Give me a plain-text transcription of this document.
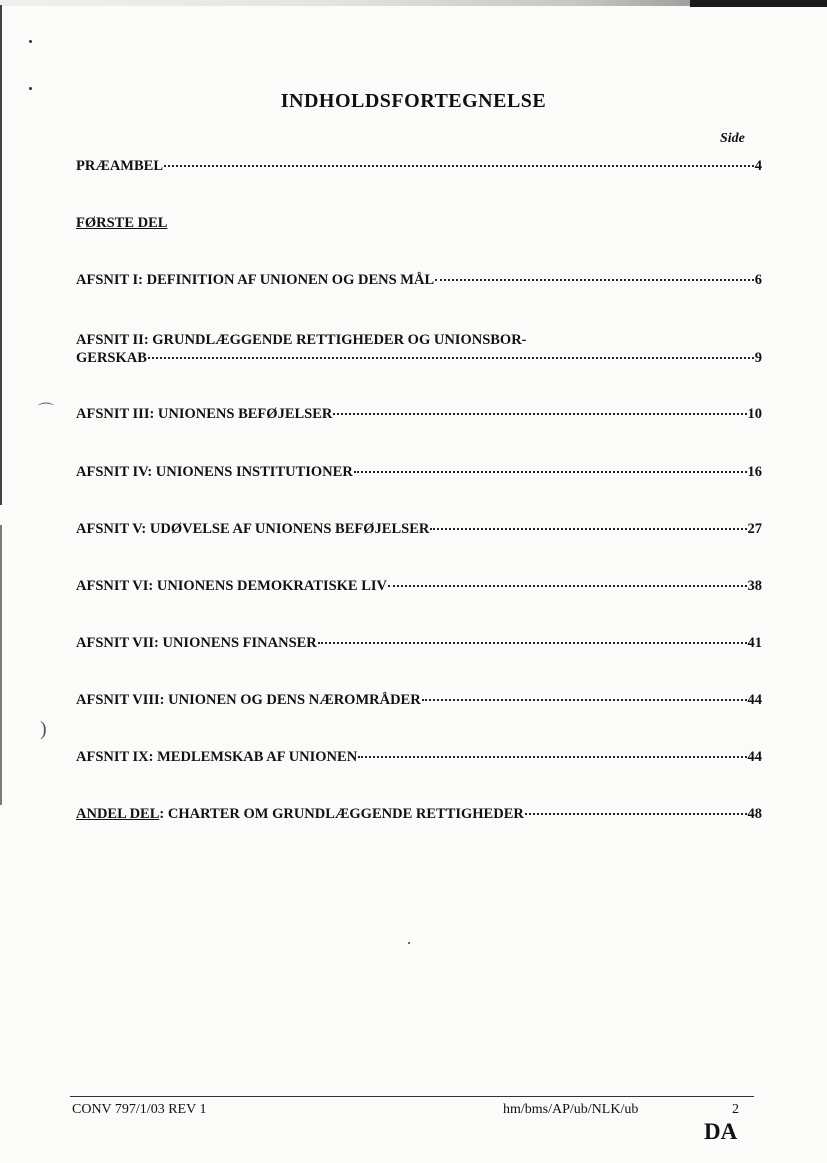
⌒
)
INDHOLDSFORTEGNELSE
Side
PRÆAMBEL	4
FØRSTE DEL
AFSNIT I: DEFINITION AF UNIONEN OG DENS MÅL	6
AFSNIT II: GRUNDLÆGGENDE RETTIGHEDER OG UNIONSBOR-
GERSKAB	9
AFSNIT III: UNIONENS BEFØJELSER	10
AFSNIT IV: UNIONENS INSTITUTIONER	16
AFSNIT V: UDØVELSE AF UNIONENS BEFØJELSER	27
AFSNIT VI: UNIONENS DEMOKRATISKE LIV	38
AFSNIT VII: UNIONENS FINANSER	41
AFSNIT VIII: UNIONEN OG DENS NÆROMRÅDER	44
AFSNIT IX: MEDLEMSKAB AF UNIONEN	44
ANDEL DEL: CHARTER OM GRUNDLÆGGENDE RETTIGHEDER	48
CONV 797/1/03 REV 1	hm/bms/AP/ub/NLK/ub	2
DA
